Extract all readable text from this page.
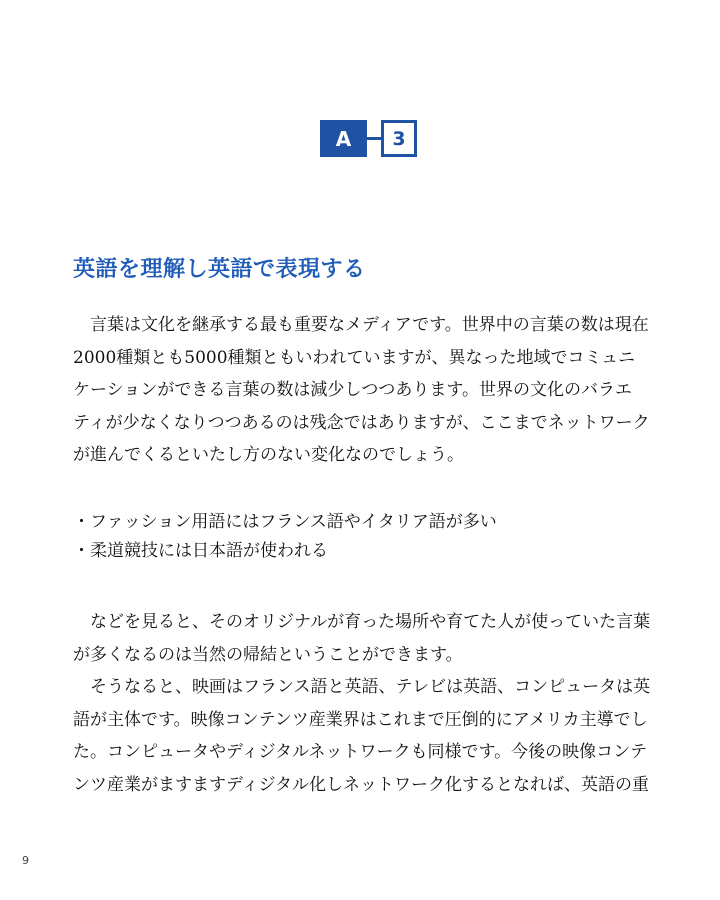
A	3
英語を理解し英語で表現する
　言葉は文化を継承する最も重要なメディアです。世界中の言葉の数は現在
2000種類とも5000種類ともいわれていますが、異なった地域でコミュニ
ケーションができる言葉の数は減少しつつあります。世界の文化のバラエ
ティが少なくなりつつあるのは残念ではありますが、ここまでネットワーク
が進んでくるといたし方のない変化なのでしょう。
・ファッション用語にはフランス語やイタリア語が多い
・柔道競技には日本語が使われる
　などを見ると、そのオリジナルが育った場所や育てた人が使っていた言葉
が多くなるのは当然の帰結ということができます。
　そうなると、映画はフランス語と英語、テレビは英語、コンピュータは英
語が主体です。映像コンテンツ産業界はこれまで圧倒的にアメリカ主導でし
た。コンピュータやディジタルネットワークも同様です。今後の映像コンテ
ンツ産業がますますディジタル化しネットワーク化するとなれば、英語の重
9
